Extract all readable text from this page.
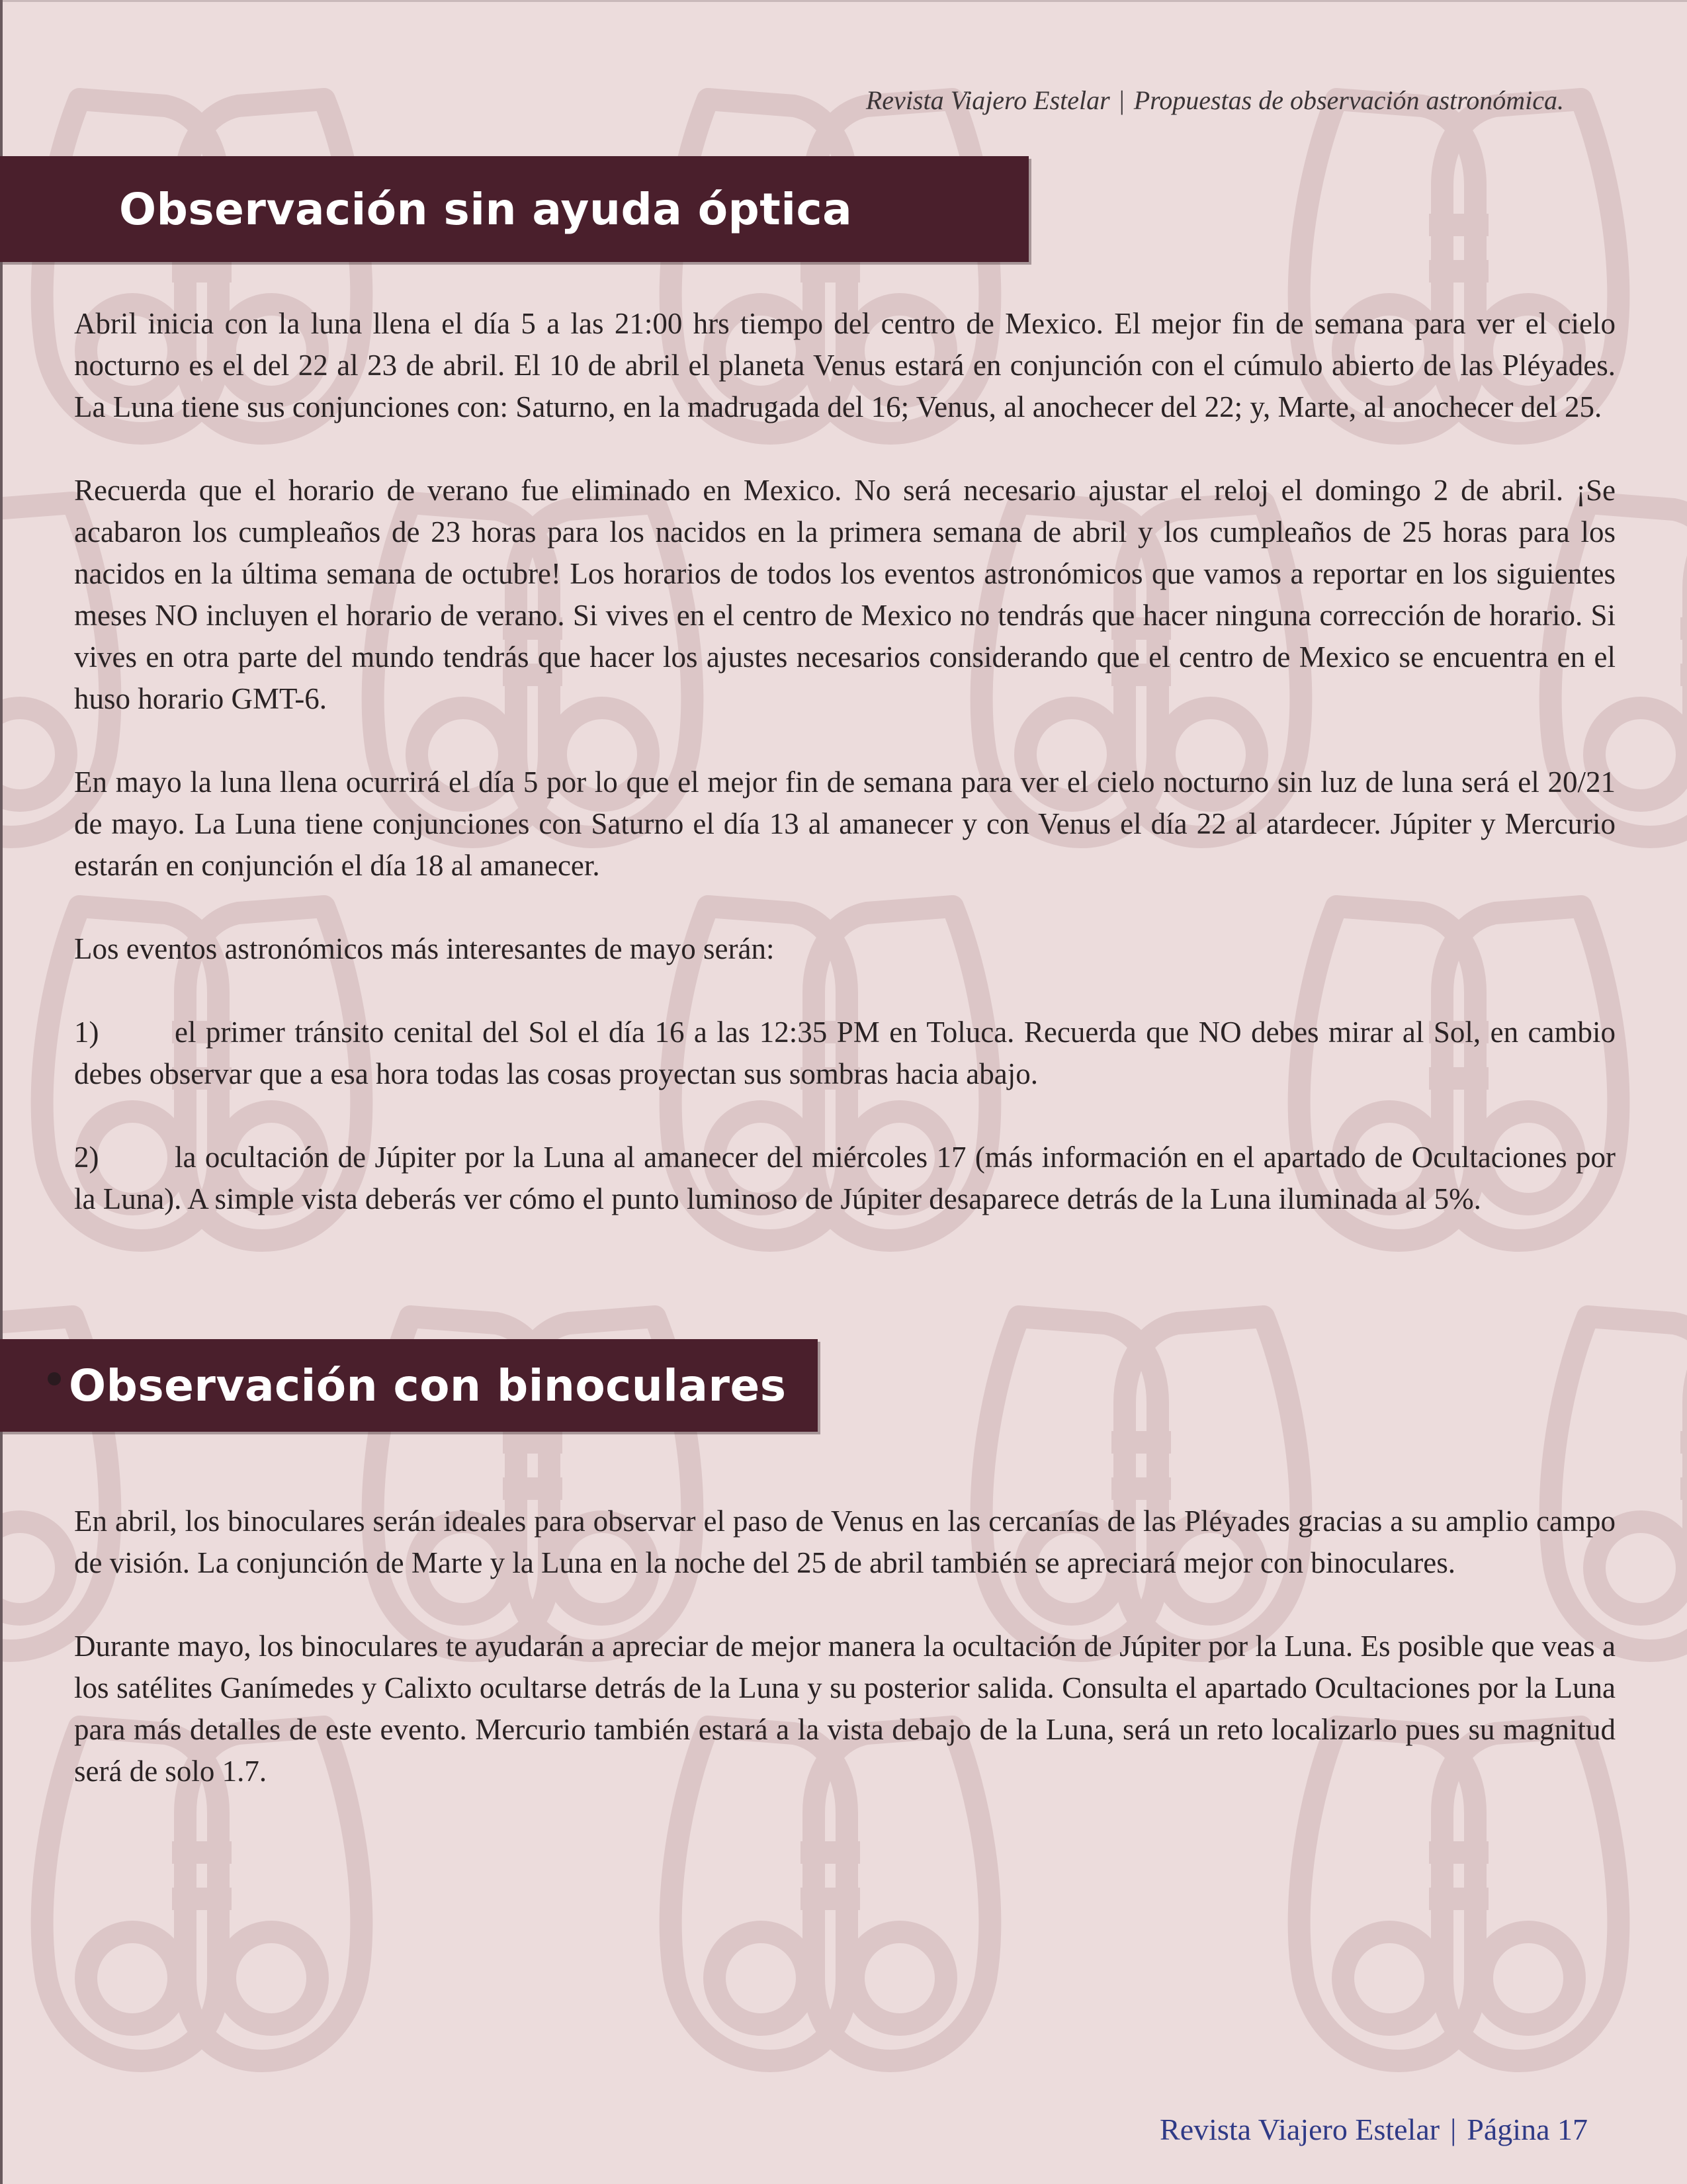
Revista Viajero Estelar | Propuestas de observación astronómica.
Observación sin ayuda óptica

Abril inicia con la luna llena el día 5 a las 21:00 hrs tiempo del centro de Mexico. El mejor fin de semana para ver el cielo nocturno es el del 22 al 23 de abril. El 10 de abril el planeta Venus estará en conjunción con el cúmulo abierto de las Pléyades. La Luna tiene sus conjunciones con: Saturno, en la madrugada del 16; Venus, al anochecer del 22; y, Marte, al anochecer del 25.

Recuerda que el horario de verano fue eliminado en Mexico. No será necesario ajustar el reloj el domingo 2 de abril. ¡Se acabaron los cumpleaños de 23 horas para los nacidos en la primera semana de abril y los cumpleaños de 25 horas para los nacidos en la última semana de octubre! Los horarios de todos los eventos astronómicos que vamos a reportar en los siguientes meses NO incluyen el horario de verano. Si vives en el centro de Mexico no tendrás que hacer ninguna corrección de horario. Si vives en otra parte del mundo tendrás que hacer los ajustes necesarios considerando que el centro de Mexico se encuentra en el huso horario GMT-6.

En mayo la luna llena ocurrirá el día 5 por lo que el mejor fin de semana para ver el cielo nocturno sin luz de luna será el 20/21 de mayo. La Luna tiene conjunciones con Saturno el día 13 al amanecer y con Venus el día 22 al atardecer. Júpiter y Mercurio estarán en conjunción el día 18 al amanecer.

Los eventos astronómicos más interesantes de mayo serán:

1)	el primer tránsito cenital del Sol el día 16 a las 12:35 PM en Toluca. Recuerda que NO debes mirar al Sol, en cambio debes observar que a esa hora todas las cosas proyectan sus sombras hacia abajo.

2)	la ocultación de Júpiter por la Luna al amanecer del miércoles 17 (más información en el apartado de Ocultaciones por la Luna). A simple vista deberás ver cómo el punto luminoso de Júpiter desaparece detrás de la Luna iluminada al 5%.

Observación con binoculares

En abril, los binoculares serán ideales para observar el paso de Venus en las cercanías de las Pléyades gracias a su amplio campo de visión. La conjunción de Marte y la Luna en la noche del 25 de abril también se apreciará mejor con binoculares.

Durante mayo, los binoculares te ayudarán a apreciar de mejor manera la ocultación de Júpiter por la Luna. Es posible que veas a los satélites Ganímedes y Calixto ocultarse detrás de la Luna y su posterior salida. Consulta el apartado Ocultaciones por la Luna para más detalles de este evento. Mercurio también estará a la vista debajo de la Luna, será un reto localizarlo pues su magnitud será de solo 1.7.

Revista Viajero Estelar | Página 17
